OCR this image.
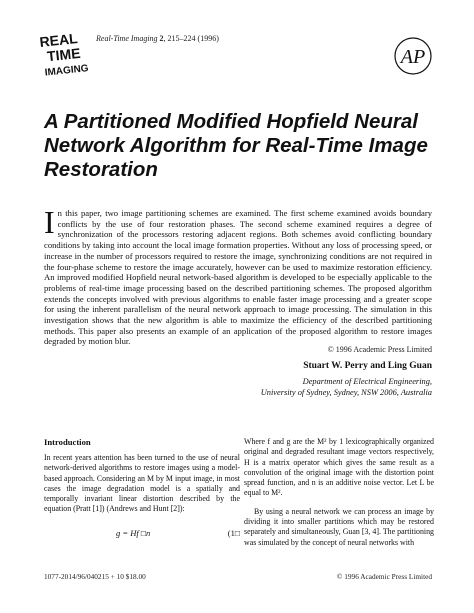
REAL
TIME
IMAGING
Real-Time Imaging 2, 215–224 (1996)
AP
A Partitioned Modified Hopfield Neural Network Algorithm for Real-Time Image Restoration
I n this paper, two image partitioning schemes are examined. The first scheme examined avoids boundary conflicts by the use of four restoration phases. The second scheme examined requires a degree of synchronization of the processors restoring adjacent regions. Both schemes avoid conflicting boundary conditions by taking into account the local image formation properties. Without any loss of processing speed, or increase in the number of processors required to restore the image, synchronizing conditions are not required in the four-phase scheme to restore the image accurately, however can be used to maximize restoration efficiency. An improved modified Hopfield neural network-based algorithm is developed to be especially applicable to the problems of real-time image processing based on the described partitioning schemes. The proposed algorithm extends the concepts involved with previous algorithms to enable faster image processing and a greater scope for using the inherent parallelism of the neural network approach to image processing. The simulation in this investigation shows that the new algorithm is able to maximize the efficiency of the described partitioning methods. This paper also presents an example of an application of the proposed algorithm to restore images degraded by motion blur.
© 1996 Academic Press Limited
Stuart W. Perry and Ling Guan
Department of Electrical Engineering,
University of Sydney, Sydney, NSW 2006, Australia
Introduction
In recent years attention has been turned to the use of neural network-derived algorithms to restore images using a model-based approach. Considering an M by M input image, in most cases the image degradation model is a spatially and temporally invariant linear distortion described by the equation (Pratt [1]) (Andrews and Hunt [2]):
g = Hf □n	(1□

Where f and g are the M² by 1 lexicographically organized original and degraded resultant image vectors respectively, H is a matrix operator which gives the same result as a convolution of the original image with the distortion point spread function, and n is an additive noise vector. Let L be equal to M².

By using a neural network we can process an image by dividing it into smaller partitions which may be restored separately and simultaneously, Guan [3, 4]. The partitioning was simulated by the concept of neural networks with

1077-2014/96/040215 + 10 $18.00	© 1996 Academic Press Limited
